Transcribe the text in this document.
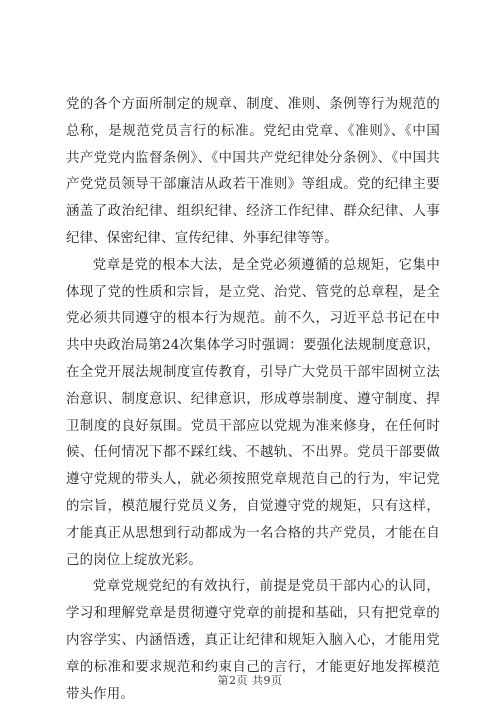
党的各个方面所制定的规章、制度、准则、条例等行为规范的总称，是规范党员言行的标准。党纪由党章、《准则》、《中国共产党党内监督条例》、《中国共产党纪律处分条例》、《中国共产党党员领导干部廉洁从政若干准则》等组成。党的纪律主要涵盖了政治纪律、组织纪律、经济工作纪律、群众纪律、人事纪律、保密纪律、宣传纪律、外事纪律等等。

党章是党的根本大法，是全党必须遵循的总规矩，它集中体现了党的性质和宗旨，是立党、治党、管党的总章程，是全党必须共同遵守的根本行为规范。前不久，习近平总书记在中共中央政治局第24次集体学习时强调：要强化法规制度意识，在全党开展法规制度宣传教育，引导广大党员干部牢固树立法治意识、制度意识、纪律意识，形成尊崇制度、遵守制度、捍卫制度的良好氛围。党员干部应以党规为准来修身，在任何时候、任何情况下都不踩红线、不越轨、不出界。党员干部要做遵守党规的带头人，就必须按照党章规范自己的行为，牢记党的宗旨，模范履行党员义务，自觉遵守党的规矩，只有这样，才能真正从思想到行动都成为一名合格的共产党员，才能在自己的岗位上绽放光彩。

党章党规党纪的有效执行，前提是党员干部内心的认同，学习和理解党章是贯彻遵守党章的前提和基础，只有把党章的内容学实、内涵悟透，真正让纪律和规矩入脑入心，才能用党章的标准和要求规范和约束自己的言行，才能更好地发挥模范带头作用。

第2页 共9页
